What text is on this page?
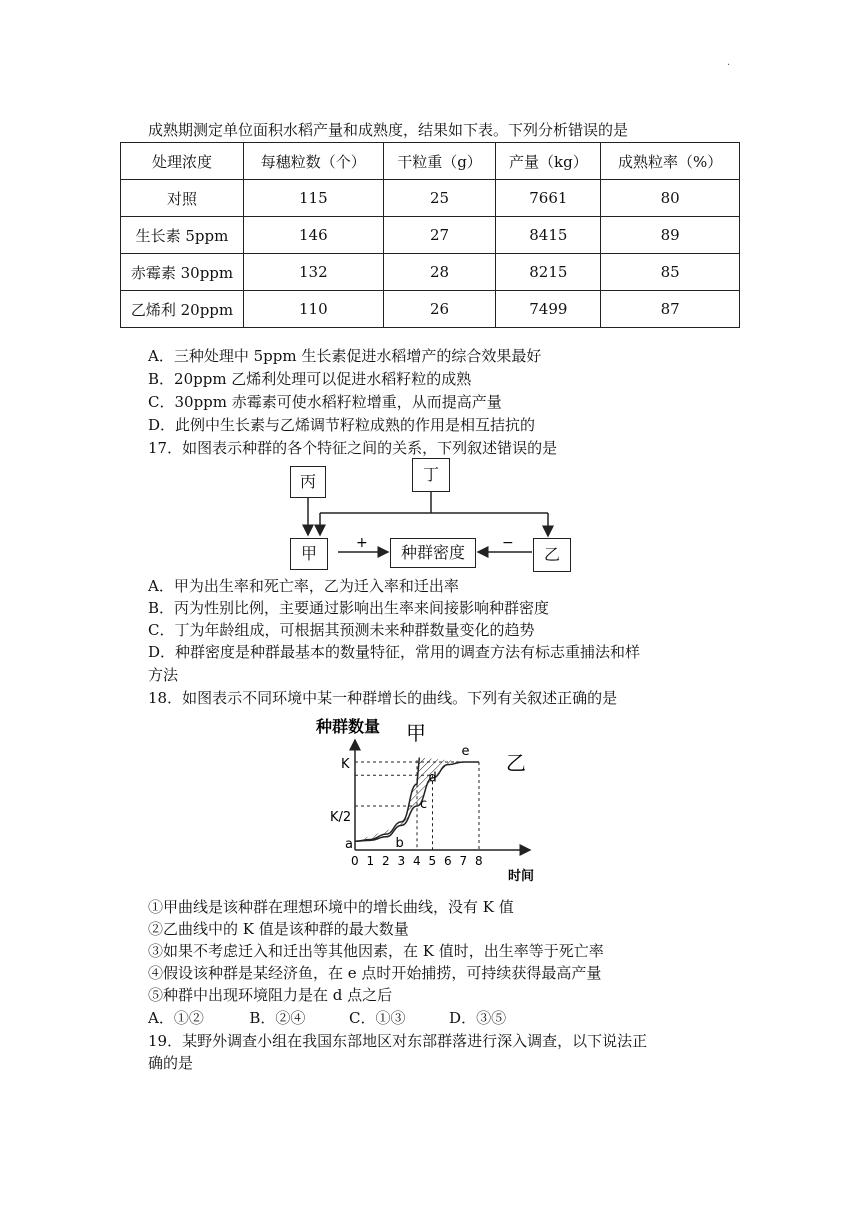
·
成熟期测定单位面积水稻产量和成熟度，结果如下表。下列分析错误的是
处理浓度	每穗粒数（个）	干粒重（g）	产量（kg）	成熟粒率（%）
对照	115	25	7661	80
生长素 5ppm	146	27	8415	89
赤霉素 30ppm	132	28	8215	85
乙烯利 20ppm	110	26	7499	87
A．三种处理中 5ppm 生长素促进水稻增产的综合效果最好
B．20ppm 乙烯利处理可以促进水稻籽粒的成熟
C．30ppm 赤霉素可使水稻籽粒增重，从而提高产量
D．此例中生长素与乙烯调节籽粒成熟的作用是相互拮抗的
17．如图表示种群的各个特征之间的关系，下列叙述错误的是
+	−
丙	丁
甲	种群密度	乙
A．甲为出生率和死亡率，乙为迁入率和迁出率
B．丙为性别比例，主要通过影响出生率来间接影响种群密度
C．丁为年龄组成，可根据其预测未来种群数量变化的趋势
D．种群密度是种群最基本的数量特征，常用的调查方法有标志重捕法和样
方法
18．如图表示不同环境中某一种群增长的曲线。下列有关叙述正确的是
种群数量
时间
甲
乙
K
K/2
0 1 2 3 4 5 6 7 8
a	b
c
d
e
①甲曲线是该种群在理想环境中的增长曲线，没有 K 值
②乙曲线中的 K 值是该种群的最大数量
③如果不考虑迁入和迁出等其他因素，在 K 值时，出生率等于死亡率
④假设该种群是某经济鱼，在 e 点时开始捕捞，可持续获得最高产量
⑤种群中出现环境阻力是在 d 点之后
A．①②	B．②④	C．①③	D．③⑤
19．某野外调查小组在我国东部地区对东部群落进行深入调查，以下说法正
确的是
